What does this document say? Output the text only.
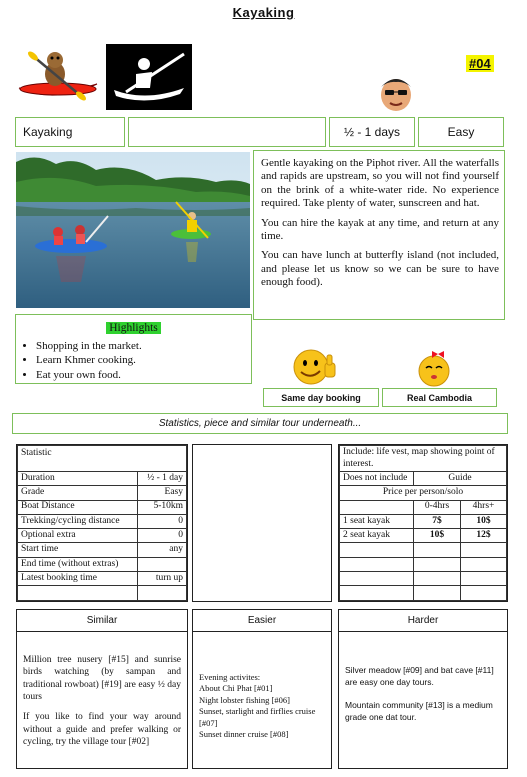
Kayaking
#04
Kayaking	½ - 1 days	Easy

Gentle kayaking on the Piphot river. All the waterfalls and rapids are upstream, so you will not find yourself on the brink of a white-water ride. No experience required. Take plenty of water, sunscreen and hat.

You can hire the kayak at any time, and return at any time.

You can have lunch at butterfly island (not included, and please let us know so we can be sure to have enough food).

Highlights
• Shopping in the market.
• Learn Khmer cooking.
• Eat your own food.
Same day booking	Real Cambodia
Statistics, piece and similar tour underneath...
Statistic	
Duration	½ - 1 day
Grade	Easy
Boat Distance	5-10km
Trekking/cycling distance	0
Optional extra	0
Start time	any
End time (without extras)	
Latest booking time	turn up

Include: life vest, map showing point of interest.		
Does not include	Guide	
Price per person/solo		
	0-4hrs	4hrs+
1 seat kayak	7$	10$
2 seat kayak	10$	12$

Similar

Million tree nusery [#15] and sunrise birds watching (by sampan and traditional rowboat) [#19] are easy ½ day tours

If you like to find your way around without a guide and prefer walking or cycling, try the village tour [#02]

Easier
Evening activites:
About Chi Phat [#01]
Night lobster fishing [#06]
Sunset, starlight and firflies cruise [#07]
Sunset dinner cruise [#08]
Harder

Silver meadow [#09] and bat cave [#11] are easy one day tours.

Mountain community [#13] is a medium grade one dat tour.
